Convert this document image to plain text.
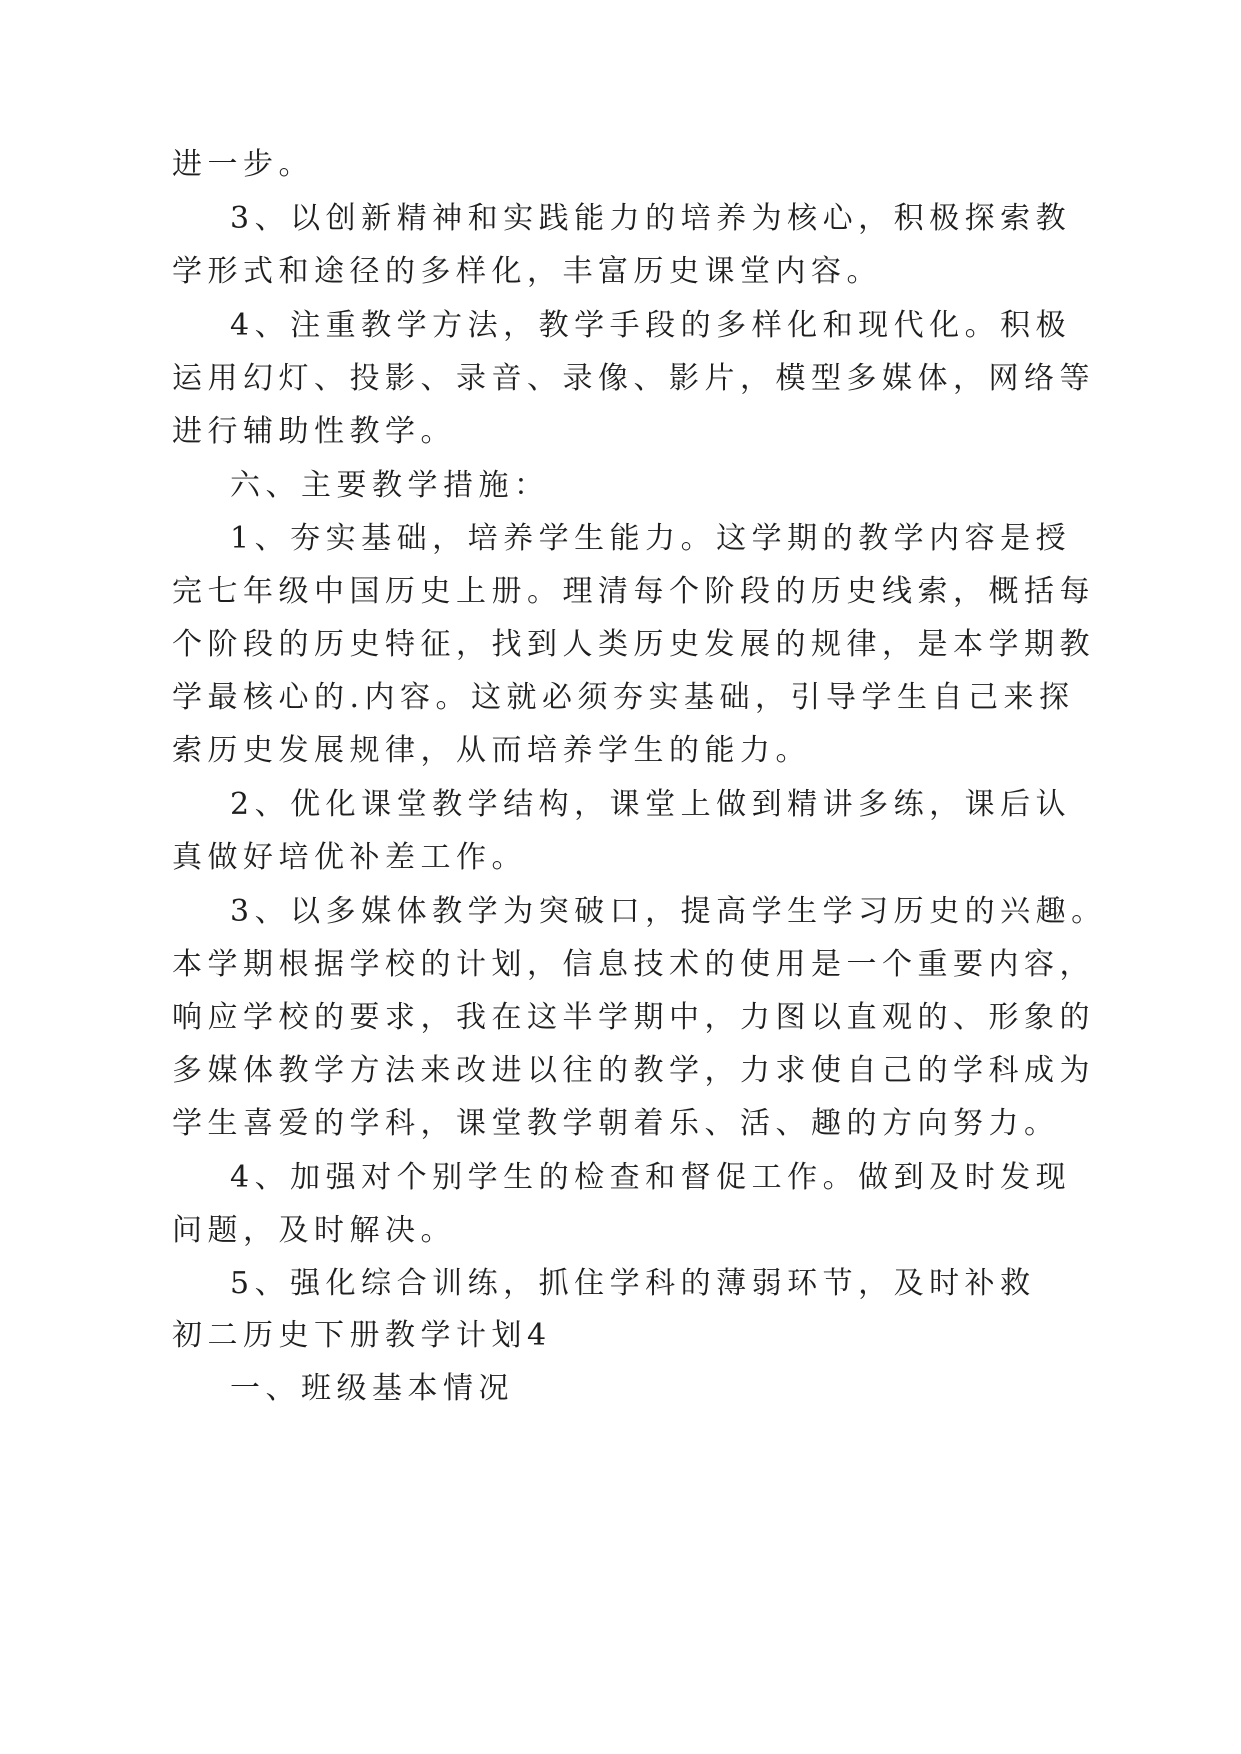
进一步。
3、以创新精神和实践能力的培养为核心，积极探索教
学形式和途径的多样化，丰富历史课堂内容。
4、注重教学方法，教学手段的多样化和现代化。积极
运用幻灯、投影、录音、录像、影片，模型多媒体，网络等
进行辅助性教学。
六、主要教学措施：
1、夯实基础，培养学生能力。这学期的教学内容是授
完七年级中国历史上册。理清每个阶段的历史线索，概括每
个阶段的历史特征，找到人类历史发展的规律，是本学期教
学最核心的.内容。这就必须夯实基础，引导学生自己来探
索历史发展规律，从而培养学生的能力。
2、优化课堂教学结构，课堂上做到精讲多练，课后认
真做好培优补差工作。
3、以多媒体教学为突破口，提高学生学习历史的兴趣。
本学期根据学校的计划，信息技术的使用是一个重要内容，
响应学校的要求，我在这半学期中，力图以直观的、形象的
多媒体教学方法来改进以往的教学，力求使自己的学科成为
学生喜爱的学科，课堂教学朝着乐、活、趣的方向努力。
4、加强对个别学生的检查和督促工作。做到及时发现
问题，及时解决。
5、强化综合训练，抓住学科的薄弱环节，及时补救
初二历史下册教学计划4
一、班级基本情况
